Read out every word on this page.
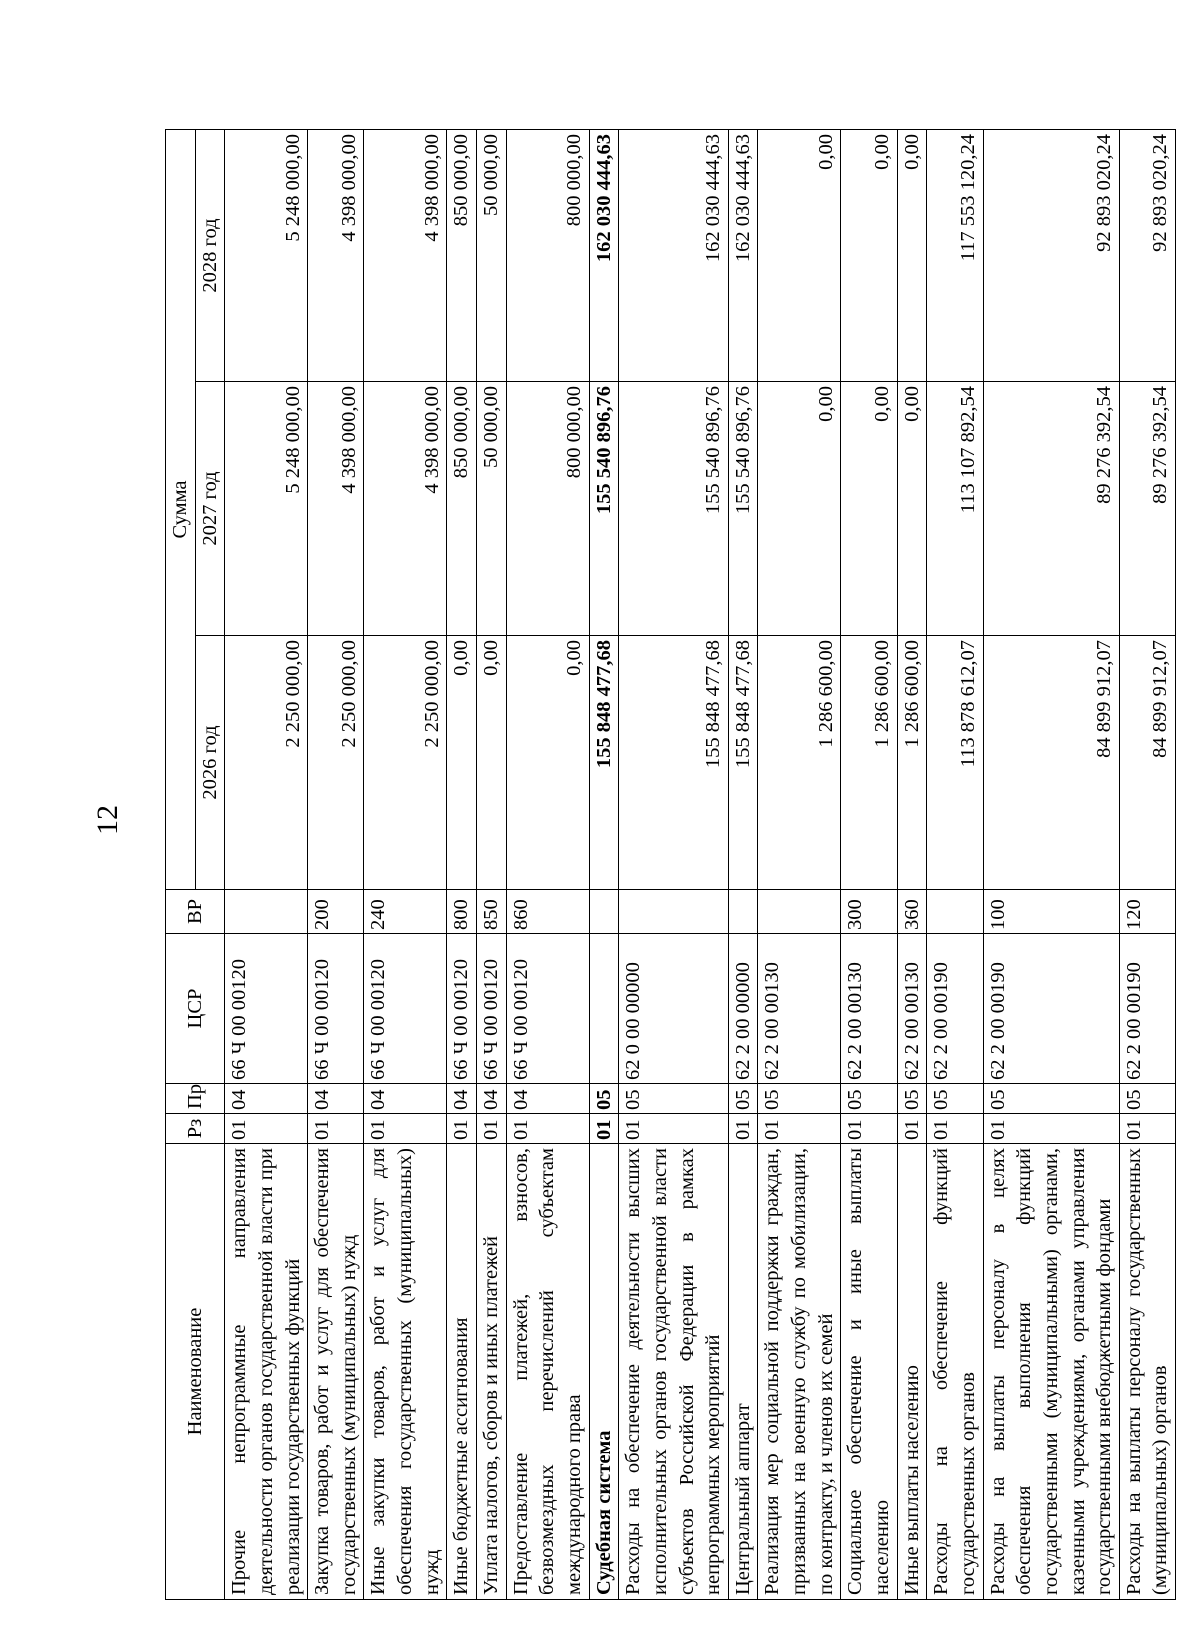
12
Наименование	Рз	Пр	ЦСР	ВР	Сумма		
					2026 год	2027 год	2028 год
Прочие непрограммные направления деятельности органов государственной власти при реализации государственных функций	01	04	66 Ч 00 00120		2 250 000,00	5 248 000,00	5 248 000,00
Закупка товаров, работ и услуг для обеспечения государственных (муниципальных) нужд	01	04	66 Ч 00 00120	200	2 250 000,00	4 398 000,00	4 398 000,00
Иные закупки товаров, работ и услуг для обеспечения государственных (муниципальных) нужд	01	04	66 Ч 00 00120	240	2 250 000,00	4 398 000,00	4 398 000,00
Иные бюджетные ассигнования	01	04	66 Ч 00 00120	800	0,00	850 000,00	850 000,00
Уплата налогов, сборов и иных платежей	01	04	66 Ч 00 00120	850	0,00	50 000,00	50 000,00
Предоставление платежей, взносов, безвозмездных перечислений субъектам международного права	01	04	66 Ч 00 00120	860	0,00	800 000,00	800 000,00
Судебная система	01	05			155 848 477,68	155 540 896,76	162 030 444,63
Расходы на обеспечение деятельности высших исполнительных органов государственной власти субъектов Российской Федерации в рамках непрограммных мероприятий	01	05	62 0 00 00000		155 848 477,68	155 540 896,76	162 030 444,63
Центральный аппарат	01	05	62 2 00 00000		155 848 477,68	155 540 896,76	162 030 444,63
Реализация мер социальной поддержки граждан, призванных на военную службу по мобилизации, по контракту, и членов их семей	01	05	62 2 00 00130		1 286 600,00	0,00	0,00
Социальное обеспечение и иные выплаты населению	01	05	62 2 00 00130	300	1 286 600,00	0,00	0,00
Иные выплаты населению	01	05	62 2 00 00130	360	1 286 600,00	0,00	0,00
Расходы на обеспечение функций государственных органов	01	05	62 2 00 00190		113 878 612,07	113 107 892,54	117 553 120,24
Расходы на выплаты персоналу в целях обеспечения выполнения функций государственными (муниципальными) органами, казенными учреждениями, органами управления государственными внебюджетными фондами	01	05	62 2 00 00190	100	84 899 912,07	89 276 392,54	92 893 020,24
Расходы на выплаты персоналу государственных (муниципальных) органов	01	05	62 2 00 00190	120	84 899 912,07	89 276 392,54	92 893 020,24
